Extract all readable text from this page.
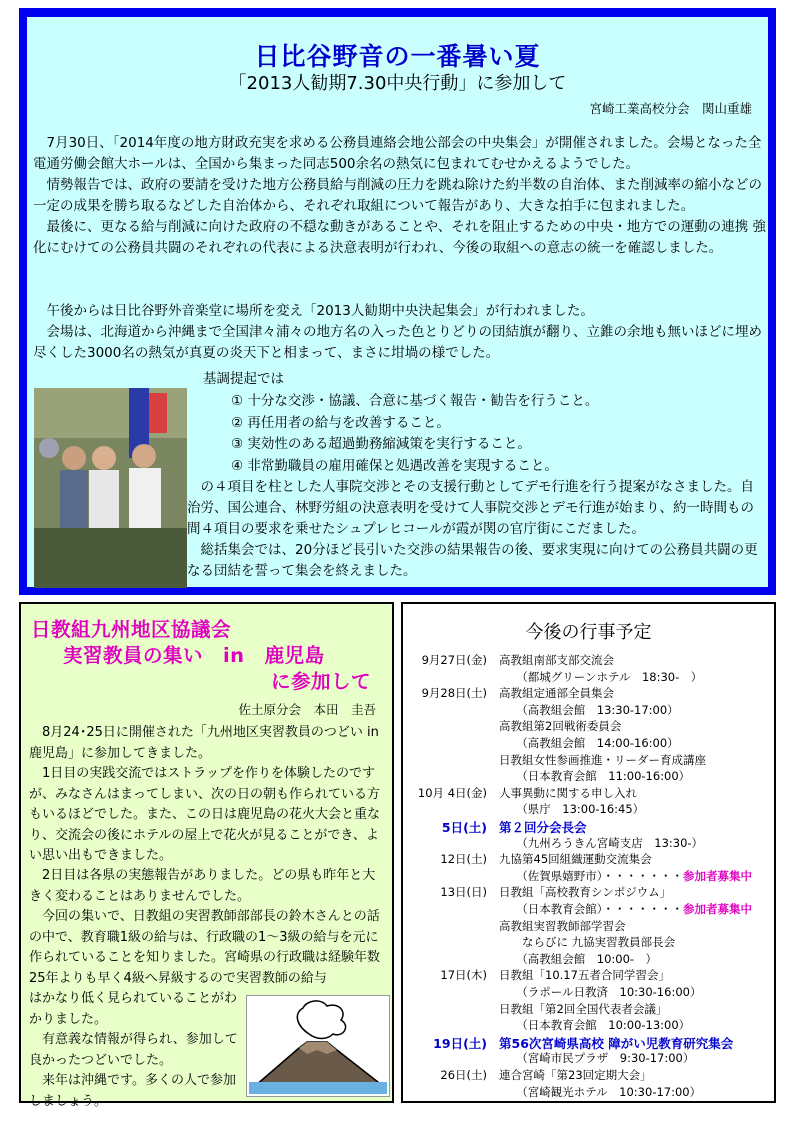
日比谷野音の一番暑い夏
「2013人勧期7.30中央行動」に参加して
宮崎工業高校分会　関山重雄

7月30日、「2014年度の地方財政充実を求める公務員連絡会地公部会の中央集会」が開催されました。会場となった全電通労働会館大ホールは、全国から集まった同志500余名の熱気に包まれてむせかえるようでした。

情勢報告では、政府の要請を受けた地方公務員給与削減の圧力を跳ね除けた約半数の自治体、また削減率の縮小などの一定の成果を勝ち取るなどした自治体から、それぞれ取組について報告があり、大きな拍手に包まれました。

最後に、更なる給与削減に向けた政府の不穏な動きがあることや、それを阻止するための中央・地方での運動の連携 強化にむけての公務員共闘のそれぞれの代表による決意表明が行われ、今後の取組への意志の統一を確認しました。

午後からは日比谷野外音楽堂に場所を変え「2013人勧期中央決起集会」が行われました。

会場は、北海道から沖縄まで全国津々浦々の地方名の入った色とりどりの団結旗が翻り、立錐の余地も無いほどに埋め尽くした3000名の熱気が真夏の炎天下と相まって、まさに坩堝の様でした。

基調提起では
① 十分な交渉・協議、合意に基づく報告・勧告を行うこと。
② 再任用者の給与を改善すること。
③ 実効性のある超過勤務縮減策を実行すること。
④ 非常勤職員の雇用確保と処遇改善を実現すること。

の４項目を柱とした人事院交渉とその支援行動としてデモ行進を行う提案がなさました。自治労、国公連合、林野労組の決意表明を受けて人事院交渉とデモ行進が始まり、約一時間もの間４項目の要求を乗せたシュプレヒコールが霞が関の官庁街にこだました。

総括集会では、20分ほど長引いた交渉の結果報告の後、要求実現に向けての公務員共闘の更なる団結を誓って集会を終えました。

日教組九州地区協議会
実習教員の集い　in　鹿児島
に参加して
佐土原分会　本田　圭吾

8月24･25日に開催された「九州地区実習教員のつどい in 鹿児島」に参加してきました。

1日目の実践交流ではストラップを作りを体験したのですが、みなさんはまってしまい、次の日の朝も作られている方もいるほどでした。また、この日は鹿児島の花火大会と重なり、交流会の後にホテルの屋上で花火が見ることができ、よい思い出もできました。

2日目は各県の実態報告がありました。どの県も昨年と大きく変わることはありませんでした。

今回の集いで、日教組の実習教師部部長の鈴木さんとの話の中で、教育職1級の給与は、行政職の1～3級の給与を元に作られていることを知りました。宮崎県の行政職は経験年数25年よりも早く4級へ昇級するので実習教師の給与

はかなり低く見られていることがわかりました。

有意義な情報が得られ、参加して良かったつどいでした。

来年は沖縄です。多くの人で参加しましょう。

今後の行事予定
9月27日(金) 高教組南部支部交流会
　　（都城グリーンホテル　18:30-　）
9月28日(土) 高教組定通部全員集会
　　（高教組会館　13:30-17:00）
高教組第2回戦術委員会
　　（高教組会館　14:00-16:00）
日教組女性参画推進・リーダー育成講座
　　（日本教育会館　11:00-16:00）
10月 4日(金) 人事異動に関する申し入れ
　　（県庁　13:00-16:45）
5日(土) 第２回分会長会
　　（九州ろうきん宮崎支店　13:30-）
12日(土) 九協第45回組織運動交流集会
　　（佐賀県嬉野市）・・・・・・・参加者募集中
13日(日) 日教組「高校教育シンポジウム」
　　（日本教育会館）・・・・・・・参加者募集中
高教組実習教師部学習会
　　ならびに 九協実習教員部長会
　　（高教組会館　10:00-　）
17日(木) 日教組「10.17五者合同学習会」
　　（ラポール日教済　10:30-16:00）
日教組「第2回全国代表者会議」
　　（日本教育会館　10:00-13:00）
19日(土) 第56次宮崎県高校 障がい児教育研究集会
　　（宮崎市民プラザ　9:30-17:00）
26日(土) 連合宮崎「第23回定期大会」
　　（宮崎観光ホテル　10:30-17:00）
